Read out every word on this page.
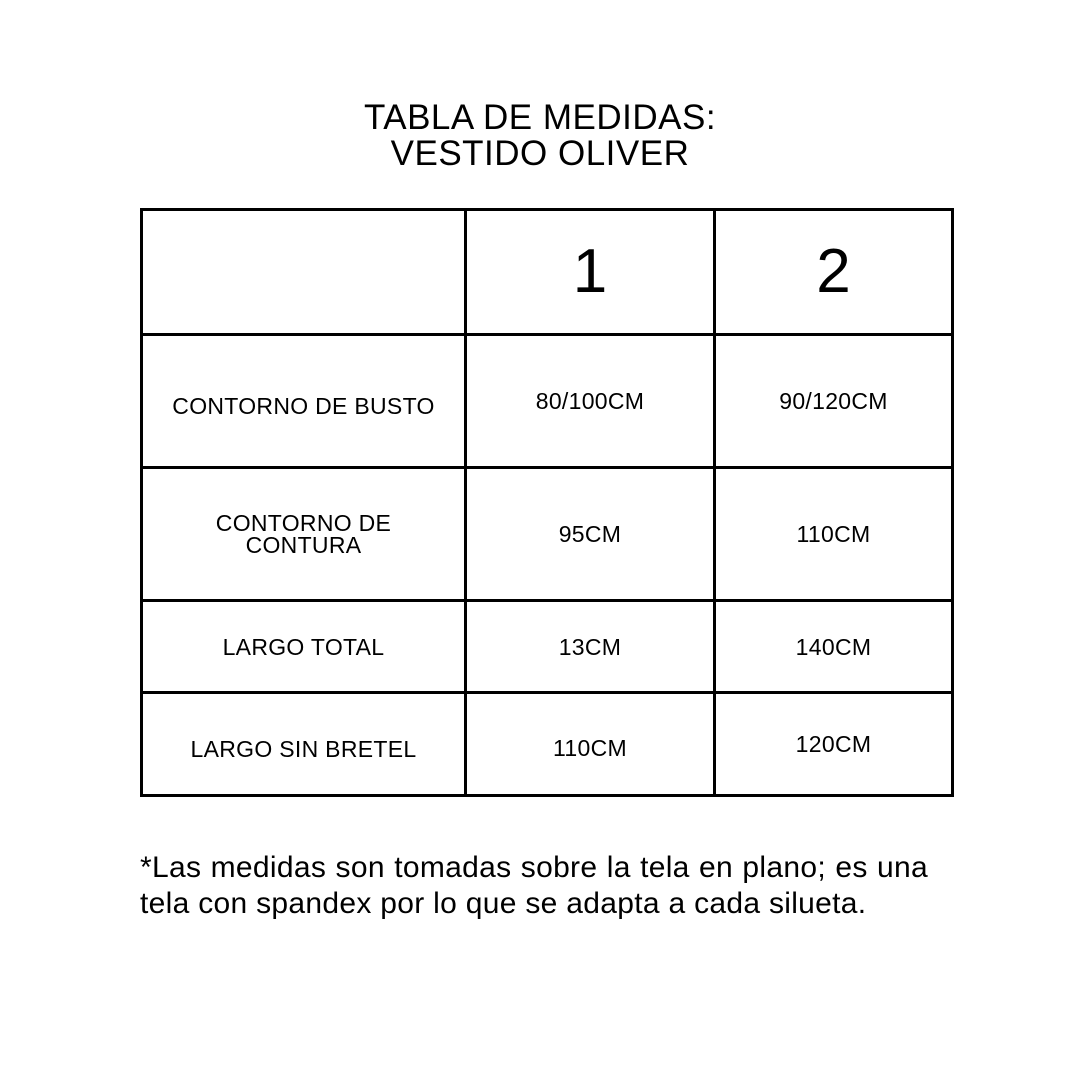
TABLA DE MEDIDAS:
VESTIDO OLIVER
	1	2
CONTORNO DE BUSTO	80/100CM	90/120CM
CONTORNO DE CONTURA	95CM	110CM
LARGO TOTAL	13CM	140CM
LARGO SIN BRETEL	110CM	120CM

*Las medidas son tomadas sobre la tela en plano; es una tela con spandex por lo que se adapta a cada silueta.
